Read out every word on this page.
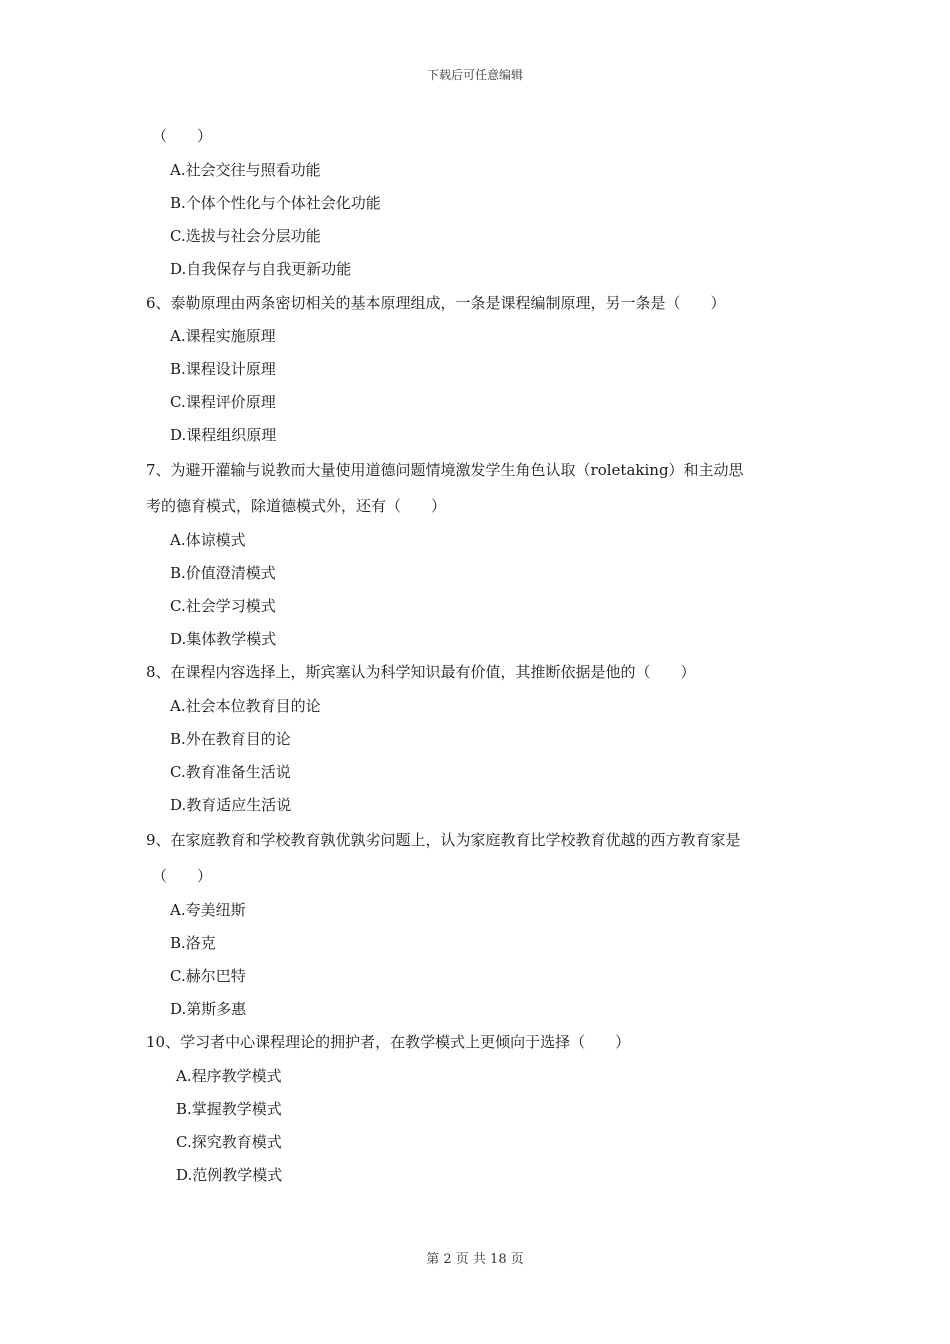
下载后可任意编辑
（　　）
A.社会交往与照看功能
B.个体个性化与个体社会化功能
C.选拔与社会分层功能
D.自我保存与自我更新功能
6、泰勒原理由两条密切相关的基本原理组成，一条是课程编制原理，另一条是（　　）
A.课程实施原理
B.课程设计原理
C.课程评价原理
D.课程组织原理
7、为避开灌输与说教而大量使用道德问题情境激发学生角色认取（roletaking）和主动思
考的德育模式，除道德模式外，还有（　　）
A.体谅模式
B.价值澄清模式
C.社会学习模式
D.集体教学模式
8、在课程内容选择上，斯宾塞认为科学知识最有价值，其推断依据是他的（　　）
A.社会本位教育目的论
B.外在教育目的论
C.教育准备生活说
D.教育适应生活说
9、在家庭教育和学校教育孰优孰劣问题上，认为家庭教育比学校教育优越的西方教育家是
（　　）
A.夸美纽斯
B.洛克
C.赫尔巴特
D.第斯多惠
10、学习者中心课程理论的拥护者，在教学模式上更倾向于选择（　　）
A.程序教学模式
B.掌握教学模式
C.探究教育模式
D.范例教学模式
第 2 页 共 18 页
